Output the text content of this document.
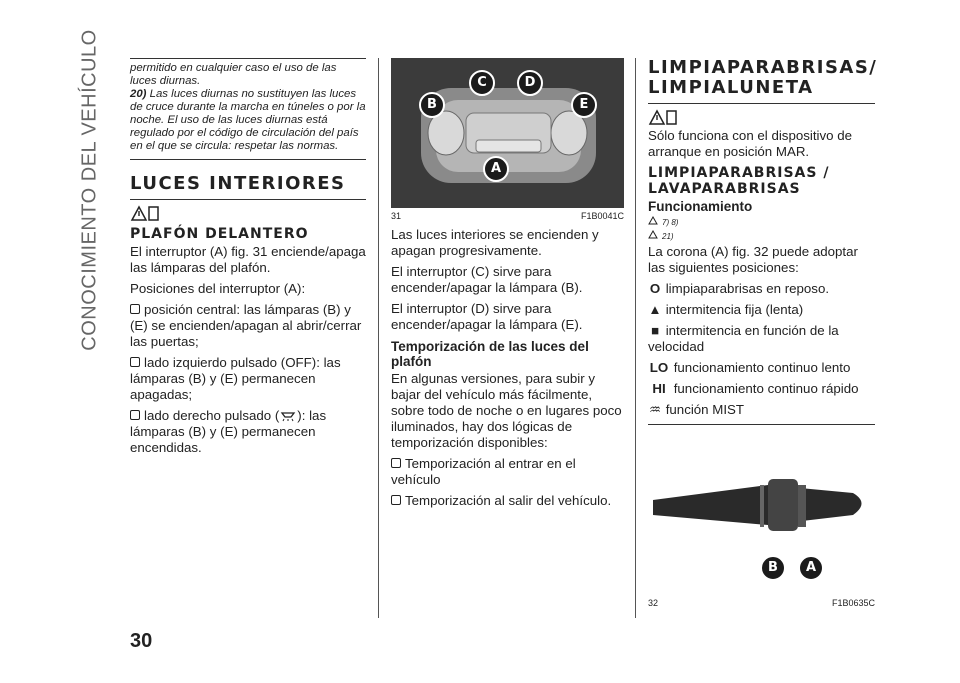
CONOCIMIENTO DEL VEHÍCULO
30
permitido en cualquier caso el uso de las luces diurnas.
20) Las luces diurnas no sustituyen las luces de cruce durante la marcha en túneles o por la noche. El uso de las luces diurnas está regulado por el código de circulación del país en el que se circula: respetar las normas.
LUCES INTERIORES
PLAFÓN DELANTERO

El interruptor (A) fig. 31 enciende/apaga las lámparas del plafón.

Posiciones del interruptor (A):

posición central: las lámparas (B) y (E) se encienden/apagan al abrir/cerrar las puertas;

lado izquierdo pulsado (OFF): las lámparas (B) y (E) permanecen apagadas;

lado derecho pulsado ( ): las lámparas (B) y (E) permanecen encendidas.

A
B
C	D
E
31	F1B0041C

Las luces interiores se encienden y apagan progresivamente.

El interruptor (C) sirve para encender/apagar la lámpara (B).

El interruptor (D) sirve para encender/apagar la lámpara (E).

Temporización de las luces del plafón

En algunas versiones, para subir y bajar del vehículo más fácilmente, sobre todo de noche o en lugares poco iluminados, hay dos lógicas de temporización disponibles:

Temporización al entrar en el vehículo

Temporización al salir del vehículo.

LIMPIAPARABRISAS/ LIMPIALUNETA

Sólo funciona con el dispositivo de arranque en posición MAR.

LIMPIAPARABRISAS / LAVAPARABRISAS
Funcionamiento
7) 8)
21)

La corona (A) fig. 32 puede adoptar las siguientes posiciones:

O limpiaparabrisas en reposo.

▲ intermitencia fija (lenta)

■ intermitencia en función de la velocidad

LO funcionamiento continuo lento

HI funcionamiento continuo rápido

♒ función MIST

B	A
32	F1B0635C
